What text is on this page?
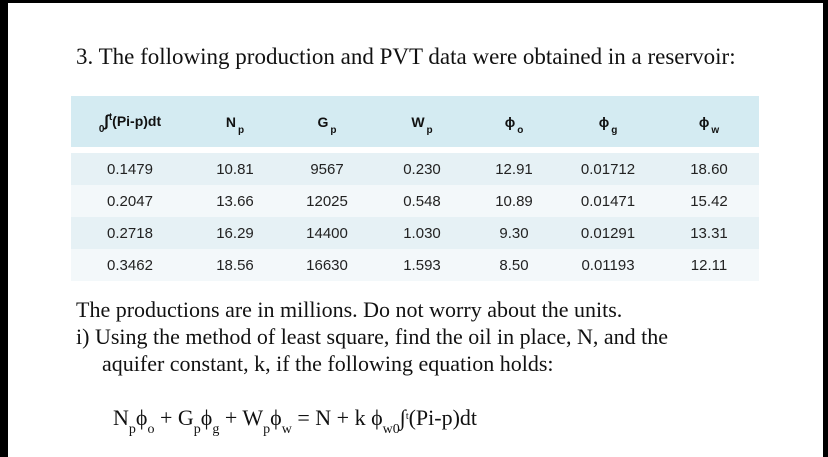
3. The following production and PVT data were obtained in a reservoir:
$_0$∫$^t$(Pi-p)dt	$N_p$	$G_p$	$W_p$	$\phi_o$	$\phi_g$	$\phi_w$
0.1479	10.81	9567	0.230	12.91	0.01712	18.60
0.2047	13.66	12025	0.548	10.89	0.01471	15.42
0.2718	16.29	14400	1.030	9.30	0.01291	13.31
0.3462	18.56	16630	1.593	8.50	0.01193	12.11
The productions are in millions. Do not worry about the units.
i) Using the method of least square, find the oil in place, N, and the
aquifer constant, k, if the following equation holds:
$N_p\phi_o + G_p\phi_g + W_p\phi_w = N + k$ $\phi_{w0}\int^t(Pi-p)dt$
